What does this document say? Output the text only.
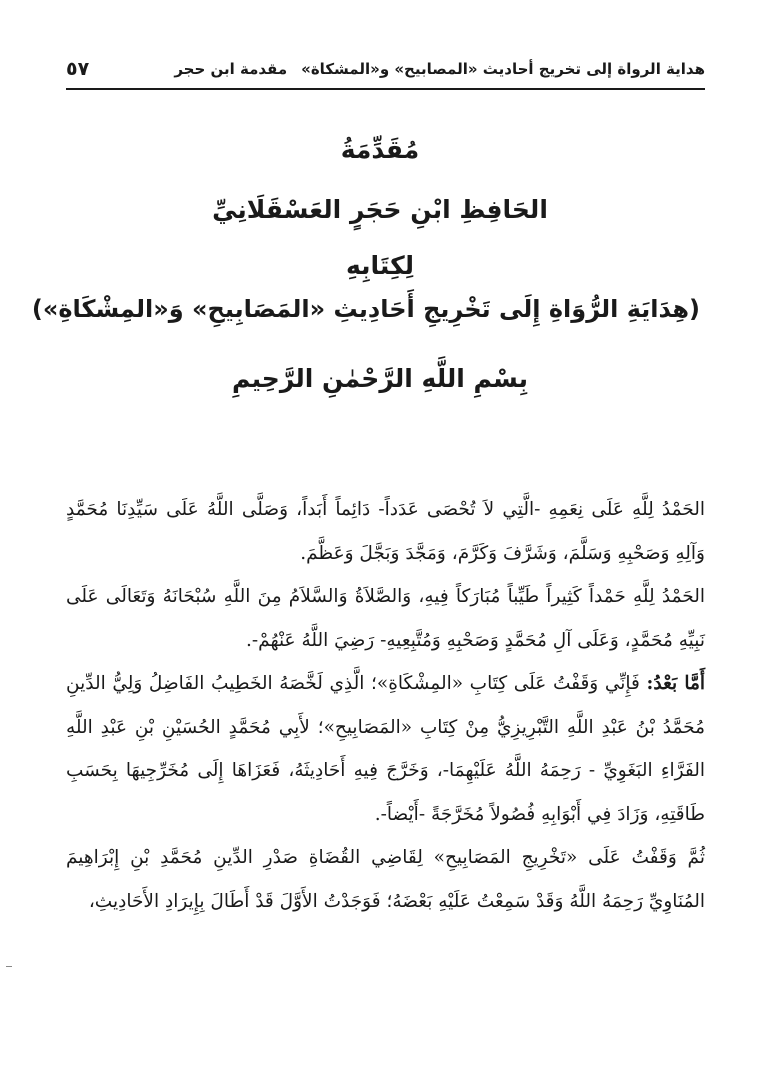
هداية الرواة إلى تخريج أحاديث «المصابيح» و«المشكاة»مقدمة ابن حجر
٥٧
مُقَدِّمَةُ
الحَافِظِ ابْنِ حَجَرٍ العَسْقَلَانِيِّ
لِكِتَابِهِ
(هِدَايَةِ الرُّوَاةِ إِلَى تَخْرِيجِ أَحَادِيثِ «المَصَابِيحِ» وَ«المِشْكَاةِ»)
بِسْمِ اللَّهِ الرَّحْمٰنِ الرَّحِيمِ

الحَمْدُ لِلَّهِ عَلَى نِعَمِهِ -الَّتِي لاَ تُحْصَى عَدَداً- دَائِماً أَبَداً، وَصَلَّى اللَّهُ عَلَى سَيِّدِنَا مُحَمَّدٍ وَآلِهِ وَصَحْبِهِ وَسَلَّمَ، وَشَرَّفَ وَكَرَّمَ، وَمَجَّدَ وَبَجَّلَ وَعَظَّمَ.

الحَمْدُ لِلَّهِ حَمْداً كَثِيراً طَيِّباً مُبَارَكاً فِيهِ، وَالصَّلاَةُ وَالسَّلاَمُ مِنَ اللَّهِ سُبْحَانَهُ وَتَعَالَى عَلَى نَبِيِّهِ مُحَمَّدٍ، وَعَلَى آلِ مُحَمَّدٍ وَصَحْبِهِ وَمُتَّبِعِيهِ- رَضِيَ اللَّهُ عَنْهُمْ-.

أَمَّا بَعْدُ: فَإِنِّي وَقَفْتُ عَلَى كِتَابِ «المِشْكَاةِ»؛ الَّذِي لَخَّصَهُ الخَطِيبُ الفَاضِلُ وَلِيُّ الدِّينِ مُحَمَّدُ بْنُ عَبْدِ اللَّهِ التَّبْرِيزِيُّ مِنْ كِتَابِ «المَصَابِيحِ»؛ لأَبِي مُحَمَّدٍ الحُسَيْنِ بْنِ عَبْدِ اللَّهِ الفَرَّاءِ البَغَوِيِّ - رَحِمَهُ اللَّهُ عَلَيْهِمَا-، وَخَرَّجَ فِيهِ أَحَادِيثَهُ، فَعَزَاهَا إِلَى مُخَرِّجِيهَا بِحَسَبِ طَاقَتِهِ، وَزَادَ فِي أَبْوَابِهِ فُصُولاً مُخَرَّجَةً -أَيْضاً-.

ثُمَّ وَقَفْتُ عَلَى «تَخْرِيجِ المَصَابِيحِ» لِقَاضِي القُضَاةِ صَدْرِ الدِّينِ مُحَمَّدِ بْنِ إِبْرَاهِيمَ المُنَاوِيِّ رَحِمَهُ اللَّهُ وَقَدْ سَمِعْتُ عَلَيْهِ بَعْضَهُ؛ فَوَجَدْتُ الأَوَّلَ قَدْ أَطَالَ بِإِيرَادِ الأَحَادِيثِ،
